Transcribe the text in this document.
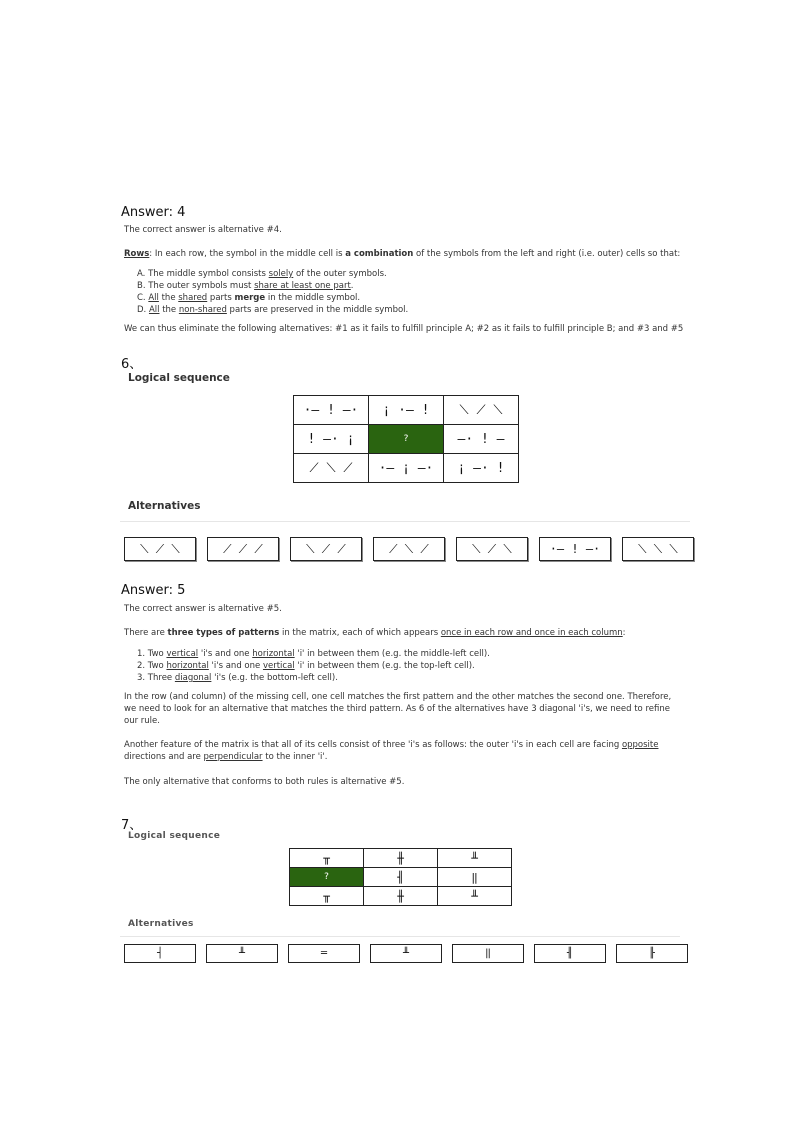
Answer: 4
The correct answer is alternative #4.
Rows: In each row, the symbol in the middle cell is a combination of the symbols from the left and right (i.e. outer) cells so that:
A. The middle symbol consists solely of the outer symbols.
B. The outer symbols must share at least one part.
C. All the shared parts merge in the middle symbol.
D. All the non-shared parts are preserved in the middle symbol.
We can thus eliminate the following alternatives: #1 as it fails to fulfill principle A; #2 as it fails to fulfill principle B; and #3 and #5
6、
Logical sequence
·— ! —·	¡ ·— !	⟍ ⟋ ⟍
! —· ¡	?	—· ! —
⟋ ⟍ ⟋	·— ¡ —·	¡ —· !
Alternatives
⟍ ⟋ ⟍	⟋ ⟋ ⟋	⟍ ⟋ ⟋	⟋ ⟍ ⟋	⟍ ⟋ ⟍	·— ! —·	⟍ ⟍ ⟍
Answer: 5
The correct answer is alternative #5.
There are three types of patterns in the matrix, each of which appears once in each row and once in each column:
1. Two vertical 'i's and one horizontal 'i' in between them (e.g. the middle-left cell).
2. Two horizontal 'i's and one vertical 'i' in between them (e.g. the top-left cell).
3. Three diagonal 'i's (e.g. the bottom-left cell).
In the row (and column) of the missing cell, one cell matches the first pattern and the other matches the second one. Therefore, we need to look for an alternative that matches the third pattern. As 6 of the alternatives have 3 diagonal 'i's, we need to refine our rule.
Another feature of the matrix is that all of its cells consist of three 'i's as follows: the outer 'i's in each cell are facing opposite directions and are perpendicular to the inner 'i'.
The only alternative that conforms to both rules is alternative #5.
7、
Logical sequence
╥	╫	╨
?	╢	‖
╥	╫	╨
Alternatives
┤	╨	═	╨	‖	╢	╟
